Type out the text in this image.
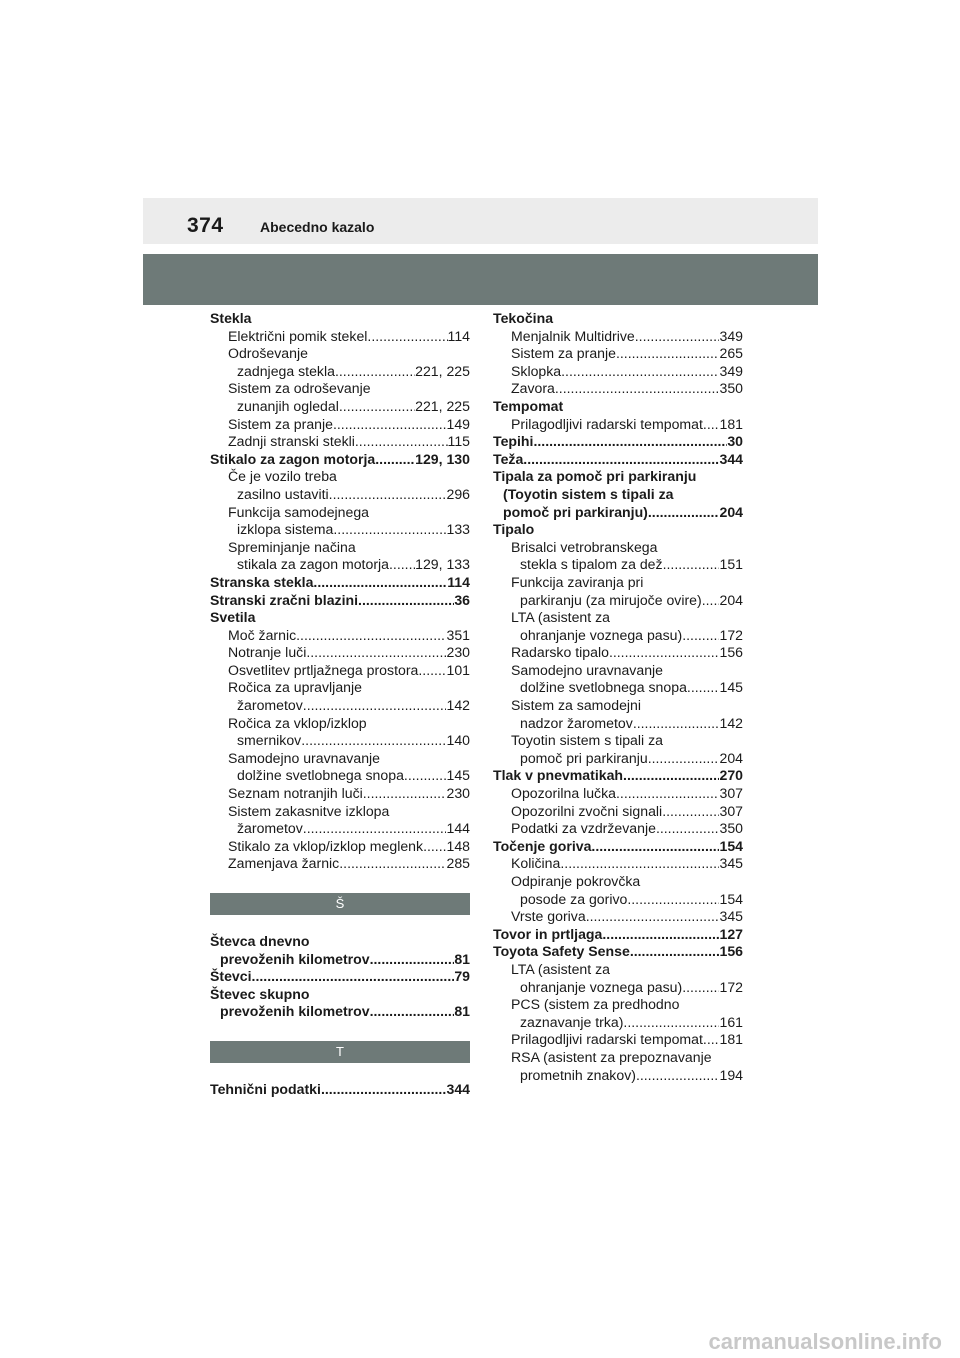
374	Abecedno kazalo
Stekla
Električni pomik stekel .....	114
Odroševanje
zadnjega stekla .....	221, 225
Sistem za odroševanje
zunanjih ogledal .....	221, 225
Sistem za pranje .....	149
Zadnji stranski stekli .....	115
Stikalo za zagon motorja .....	129, 130
Če je vozilo treba
zasilno ustaviti .....	296
Funkcija samodejnega
izklopa sistema .....	133
Spreminjanje načina
stikala za zagon motorja ..... 129, 133
Stranska stekla .....	114
Stranski zračni blazini .....	36
Svetila
Moč žarnic .....	351
Notranje luči .....	230
Osvetlitev prtljažnega prostora ..... 101
Ročica za upravljanje
žarometov .....	142
Ročica za vklop/izklop
smernikov .....	140
Samodejno uravnavanje
dolžine svetlobnega snopa .....	145
Seznam notranjih luči .....	230
Sistem zakasnitve izklopa
žarometov .....	144
Stikalo za vklop/izklop meglenk ..... 148
Zamenjava žarnic .....	285
Š
Števca dnevno
prevoženih kilometrov .....	81
Števci .....	79
Števec skupno
prevoženih kilometrov .....	81
T
Tehnični podatki .....	344
Tekočina
Menjalnik Multidrive .....	349
Sistem za pranje .....	265
Sklopka .....	349
Zavora .....	350
Tempomat
Prilagodljivi radarski tempomat ..... 181
Tepihi .....	30
Teža .....	344
Tipala za pomoč pri parkiranju
(Toyotin sistem s tipali za
pomoč pri parkiranju) .....	204
Tipalo
Brisalci vetrobranskega
stekla s tipalom za dež .....	151
Funkcija zaviranja pri
parkiranju (za mirujoče ovire) ..... 204
LTA (asistent za
ohranjanje voznega pasu) .....	172
Radarsko tipalo .....	156
Samodejno uravnavanje
dolžine svetlobnega snopa ..... 145
Sistem za samodejni
nadzor žarometov .....	142
Toyotin sistem s tipali za
pomoč pri parkiranju .....	204
Tlak v pnevmatikah .....	270
Opozorilna lučka .....	307
Opozorilni zvočni signali .....	307
Podatki za vzdrževanje .....	350
Točenje goriva .....	154
Količina .....	345
Odpiranje pokrovčka
posode za gorivo .....	154
Vrste goriva .....	345
Tovor in prtljaga .....	127
Toyota Safety Sense .....	156
LTA (asistent za
ohranjanje voznega pasu) .....	172
PCS (sistem za predhodno
zaznavanje trka) .....	161
Prilagodljivi radarski tempomat ..... 181
RSA (asistent za prepoznavanje
prometnih znakov) .....	194
carmanualsonline.info
